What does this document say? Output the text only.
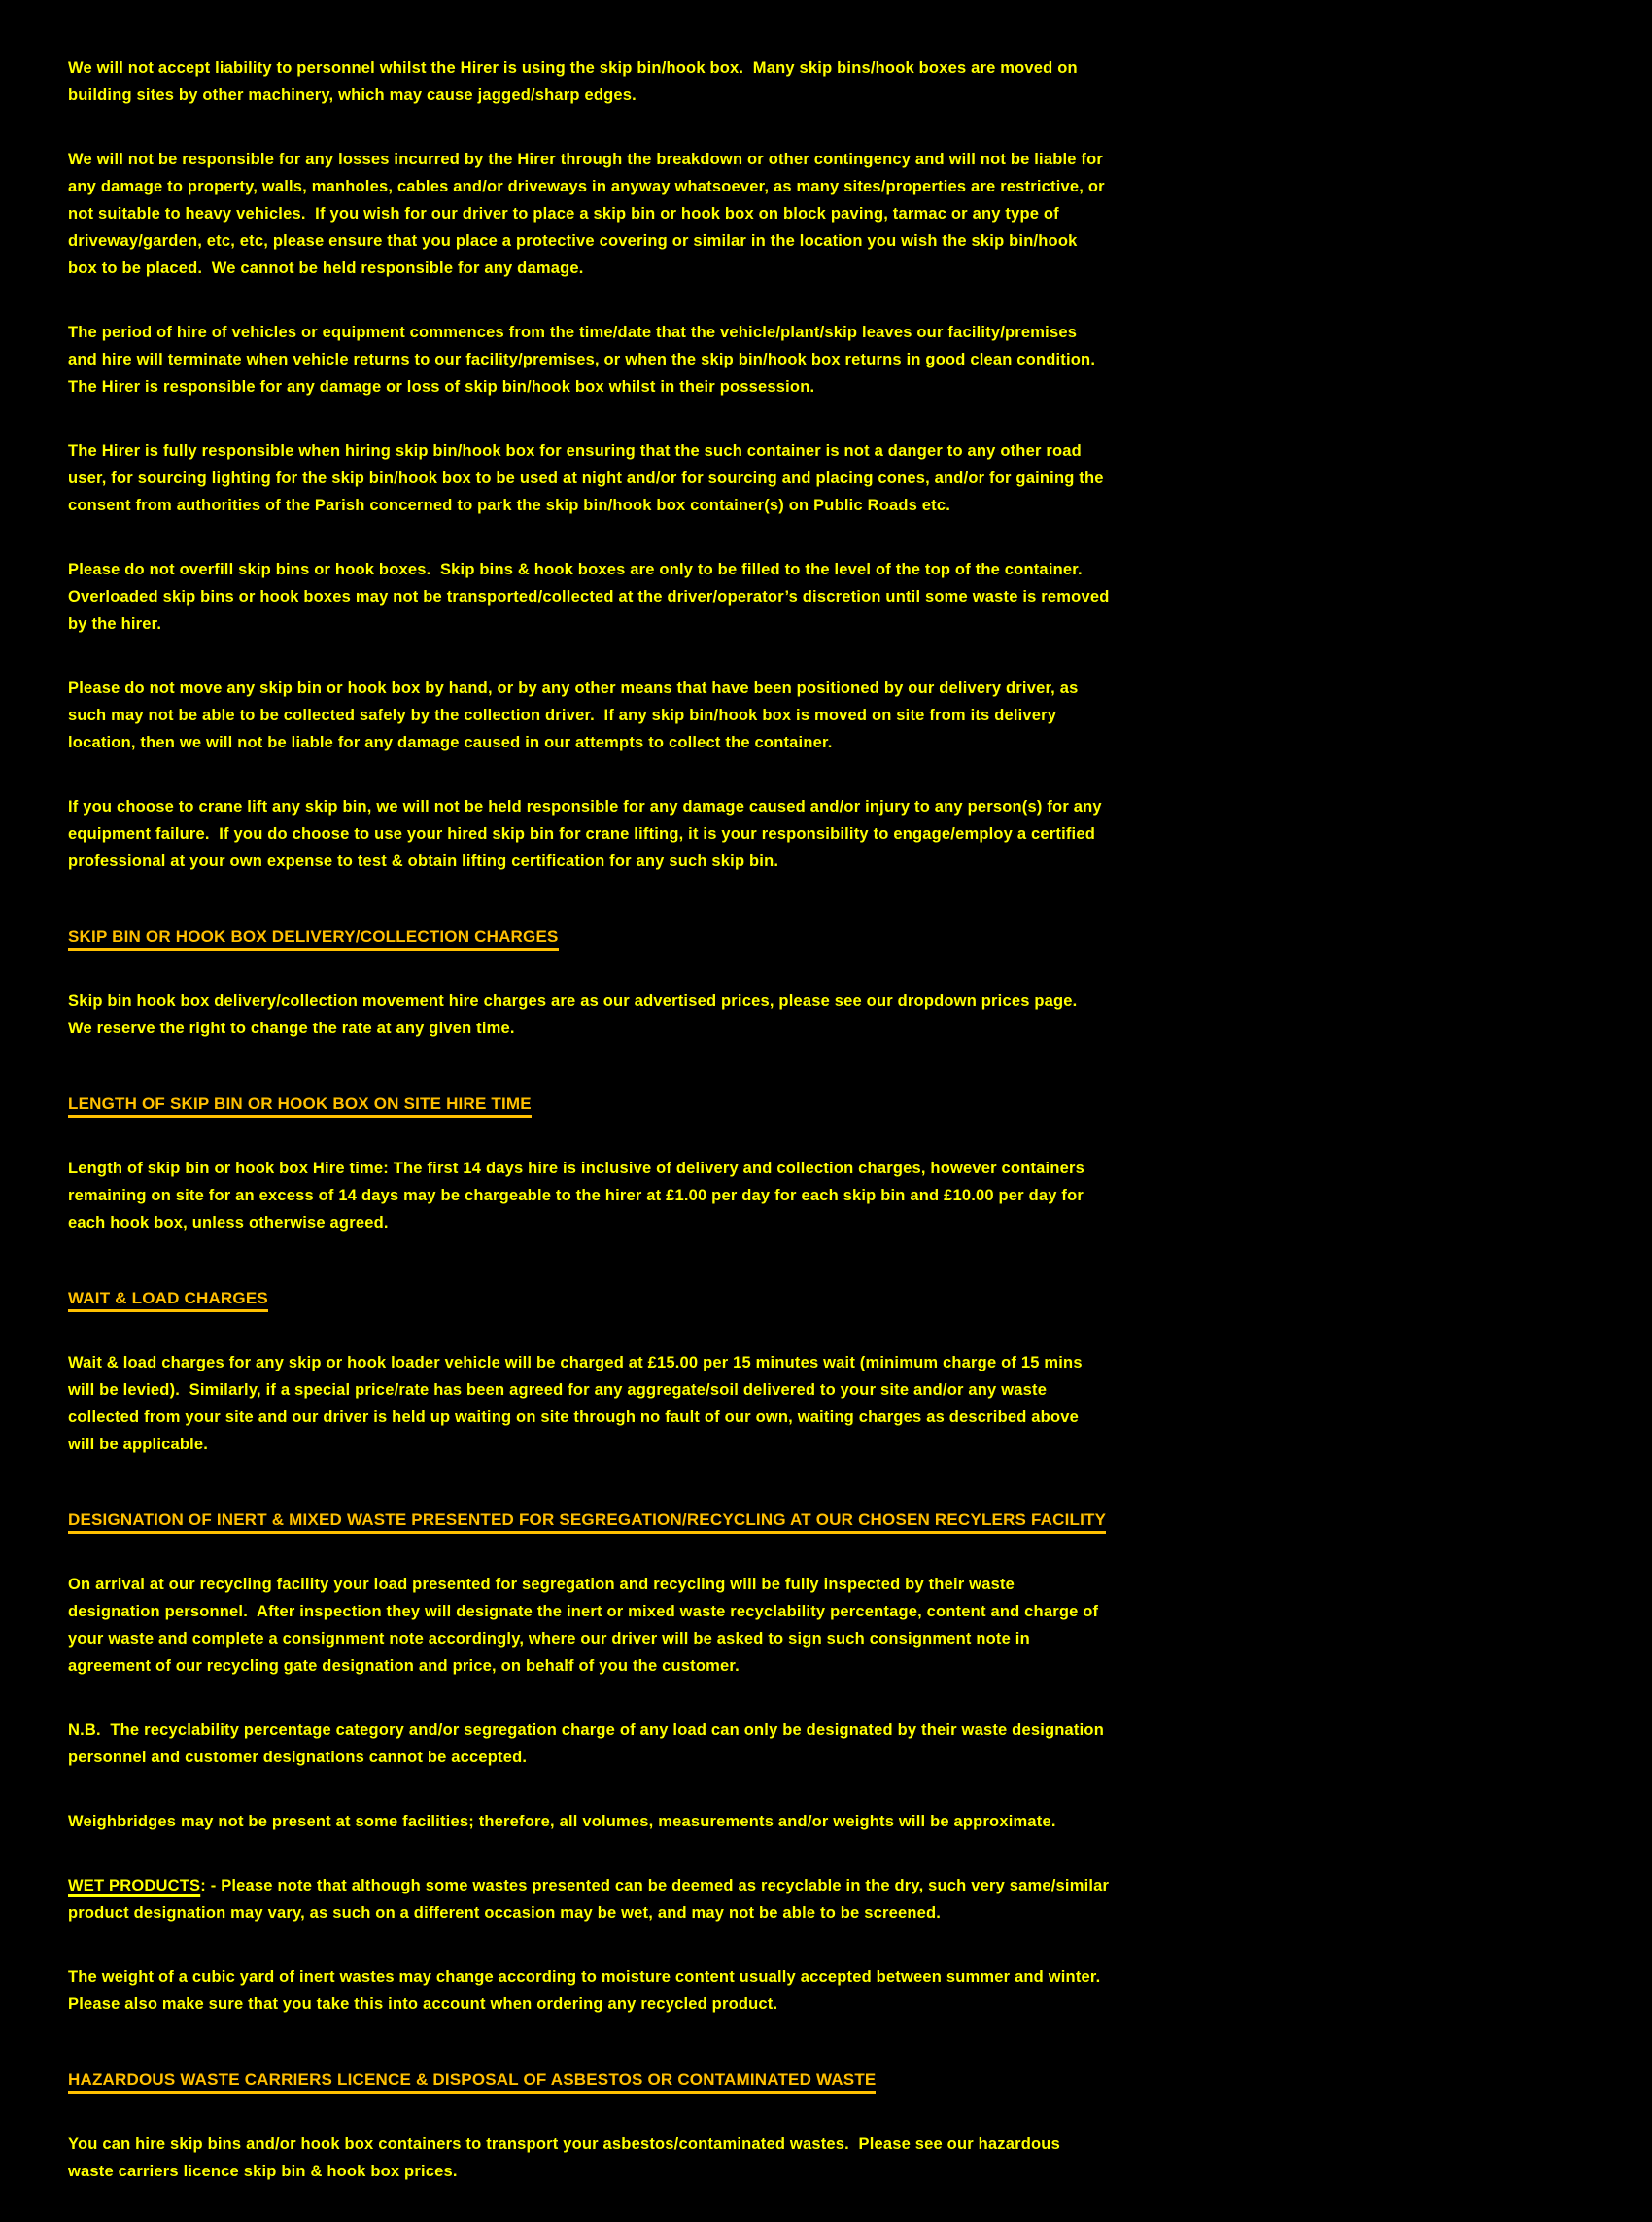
We will not accept liability to personnel whilst the Hirer is using the skip bin/hook box.  Many skip bins/hook boxes are moved on building sites by other machinery, which may cause jagged/sharp edges.

We will not be responsible for any losses incurred by the Hirer through the breakdown or other contingency and will not be liable for any damage to property, walls, manholes, cables and/or driveways in anyway whatsoever, as many sites/properties are restrictive, or not suitable to heavy vehicles.  If you wish for our driver to place a skip bin or hook box on block paving, tarmac or any type of driveway/garden, etc, etc, please ensure that you place a protective covering or similar in the location you wish the skip bin/hook box to be placed.  We cannot be held responsible for any damage.

The period of hire of vehicles or equipment commences from the time/date that the vehicle/plant/skip leaves our facility/premises and hire will terminate when vehicle returns to our facility/premises, or when the skip bin/hook box returns in good clean condition. The Hirer is responsible for any damage or loss of skip bin/hook box whilst in their possession.

The Hirer is fully responsible when hiring skip bin/hook box for ensuring that the such container is not a danger to any other road user, for sourcing lighting for the skip bin/hook box to be used at night and/or for sourcing and placing cones, and/or for gaining the consent from authorities of the Parish concerned to park the skip bin/hook box container(s) on Public Roads etc.

Please do not overfill skip bins or hook boxes.  Skip bins & hook boxes are only to be filled to the level of the top of the container.  Overloaded skip bins or hook boxes may not be transported/collected at the driver/operator’s discretion until some waste is removed by the hirer.

Please do not move any skip bin or hook box by hand, or by any other means that have been positioned by our delivery driver, as such may not be able to be collected safely by the collection driver.  If any skip bin/hook box is moved on site from its delivery location, then we will not be liable for any damage caused in our attempts to collect the container.

If you choose to crane lift any skip bin, we will not be held responsible for any damage caused and/or injury to any person(s) for any equipment failure.  If you do choose to use your hired skip bin for crane lifting, it is your responsibility to engage/employ a certified professional at your own expense to test & obtain lifting certification for any such skip bin.

SKIP BIN OR HOOK BOX DELIVERY/COLLECTION CHARGES

Skip bin hook box delivery/collection movement hire charges are as our advertised prices, please see our dropdown prices page.  We reserve the right to change the rate at any given time.

LENGTH OF SKIP BIN OR HOOK BOX ON SITE HIRE TIME

Length of skip bin or hook box Hire time: The first 14 days hire is inclusive of delivery and collection charges, however containers remaining on site for an excess of 14 days may be chargeable to the hirer at £1.00 per day for each skip bin and £10.00 per day for each hook box, unless otherwise agreed.

WAIT & LOAD CHARGES

Wait & load charges for any skip or hook loader vehicle will be charged at £15.00 per 15 minutes wait (minimum charge of 15 mins will be levied).  Similarly, if a special price/rate has been agreed for any aggregate/soil delivered to your site and/or any waste collected from your site and our driver is held up waiting on site through no fault of our own, waiting charges as described above will be applicable.

DESIGNATION OF INERT & MIXED WASTE PRESENTED FOR SEGREGATION/RECYCLING AT OUR CHOSEN RECYLERS FACILITY

On arrival at our recycling facility your load presented for segregation and recycling will be fully inspected by their waste designation personnel.  After inspection they will designate the inert or mixed waste recyclability percentage, content and charge of your waste and complete a consignment note accordingly, where our driver will be asked to sign such consignment note in agreement of our recycling gate designation and price, on behalf of you the customer.

N.B.  The recyclability percentage category and/or segregation charge of any load can only be designated by their waste designation personnel and customer designations cannot be accepted.

Weighbridges may not be present at some facilities; therefore, all volumes, measurements and/or weights will be approximate.

WET PRODUCTS: - Please note that although some wastes presented can be deemed as recyclable in the dry, such very same/similar product designation may vary, as such on a different occasion may be wet, and may not be able to be screened.

The weight of a cubic yard of inert wastes may change according to moisture content usually accepted between summer and winter.  Please also make sure that you take this into account when ordering any recycled product.

HAZARDOUS WASTE CARRIERS LICENCE & DISPOSAL OF ASBESTOS OR CONTAMINATED WASTE

You can hire skip bins and/or hook box containers to transport your asbestos/contaminated wastes.  Please see our hazardous waste carriers licence skip bin & hook box prices.
